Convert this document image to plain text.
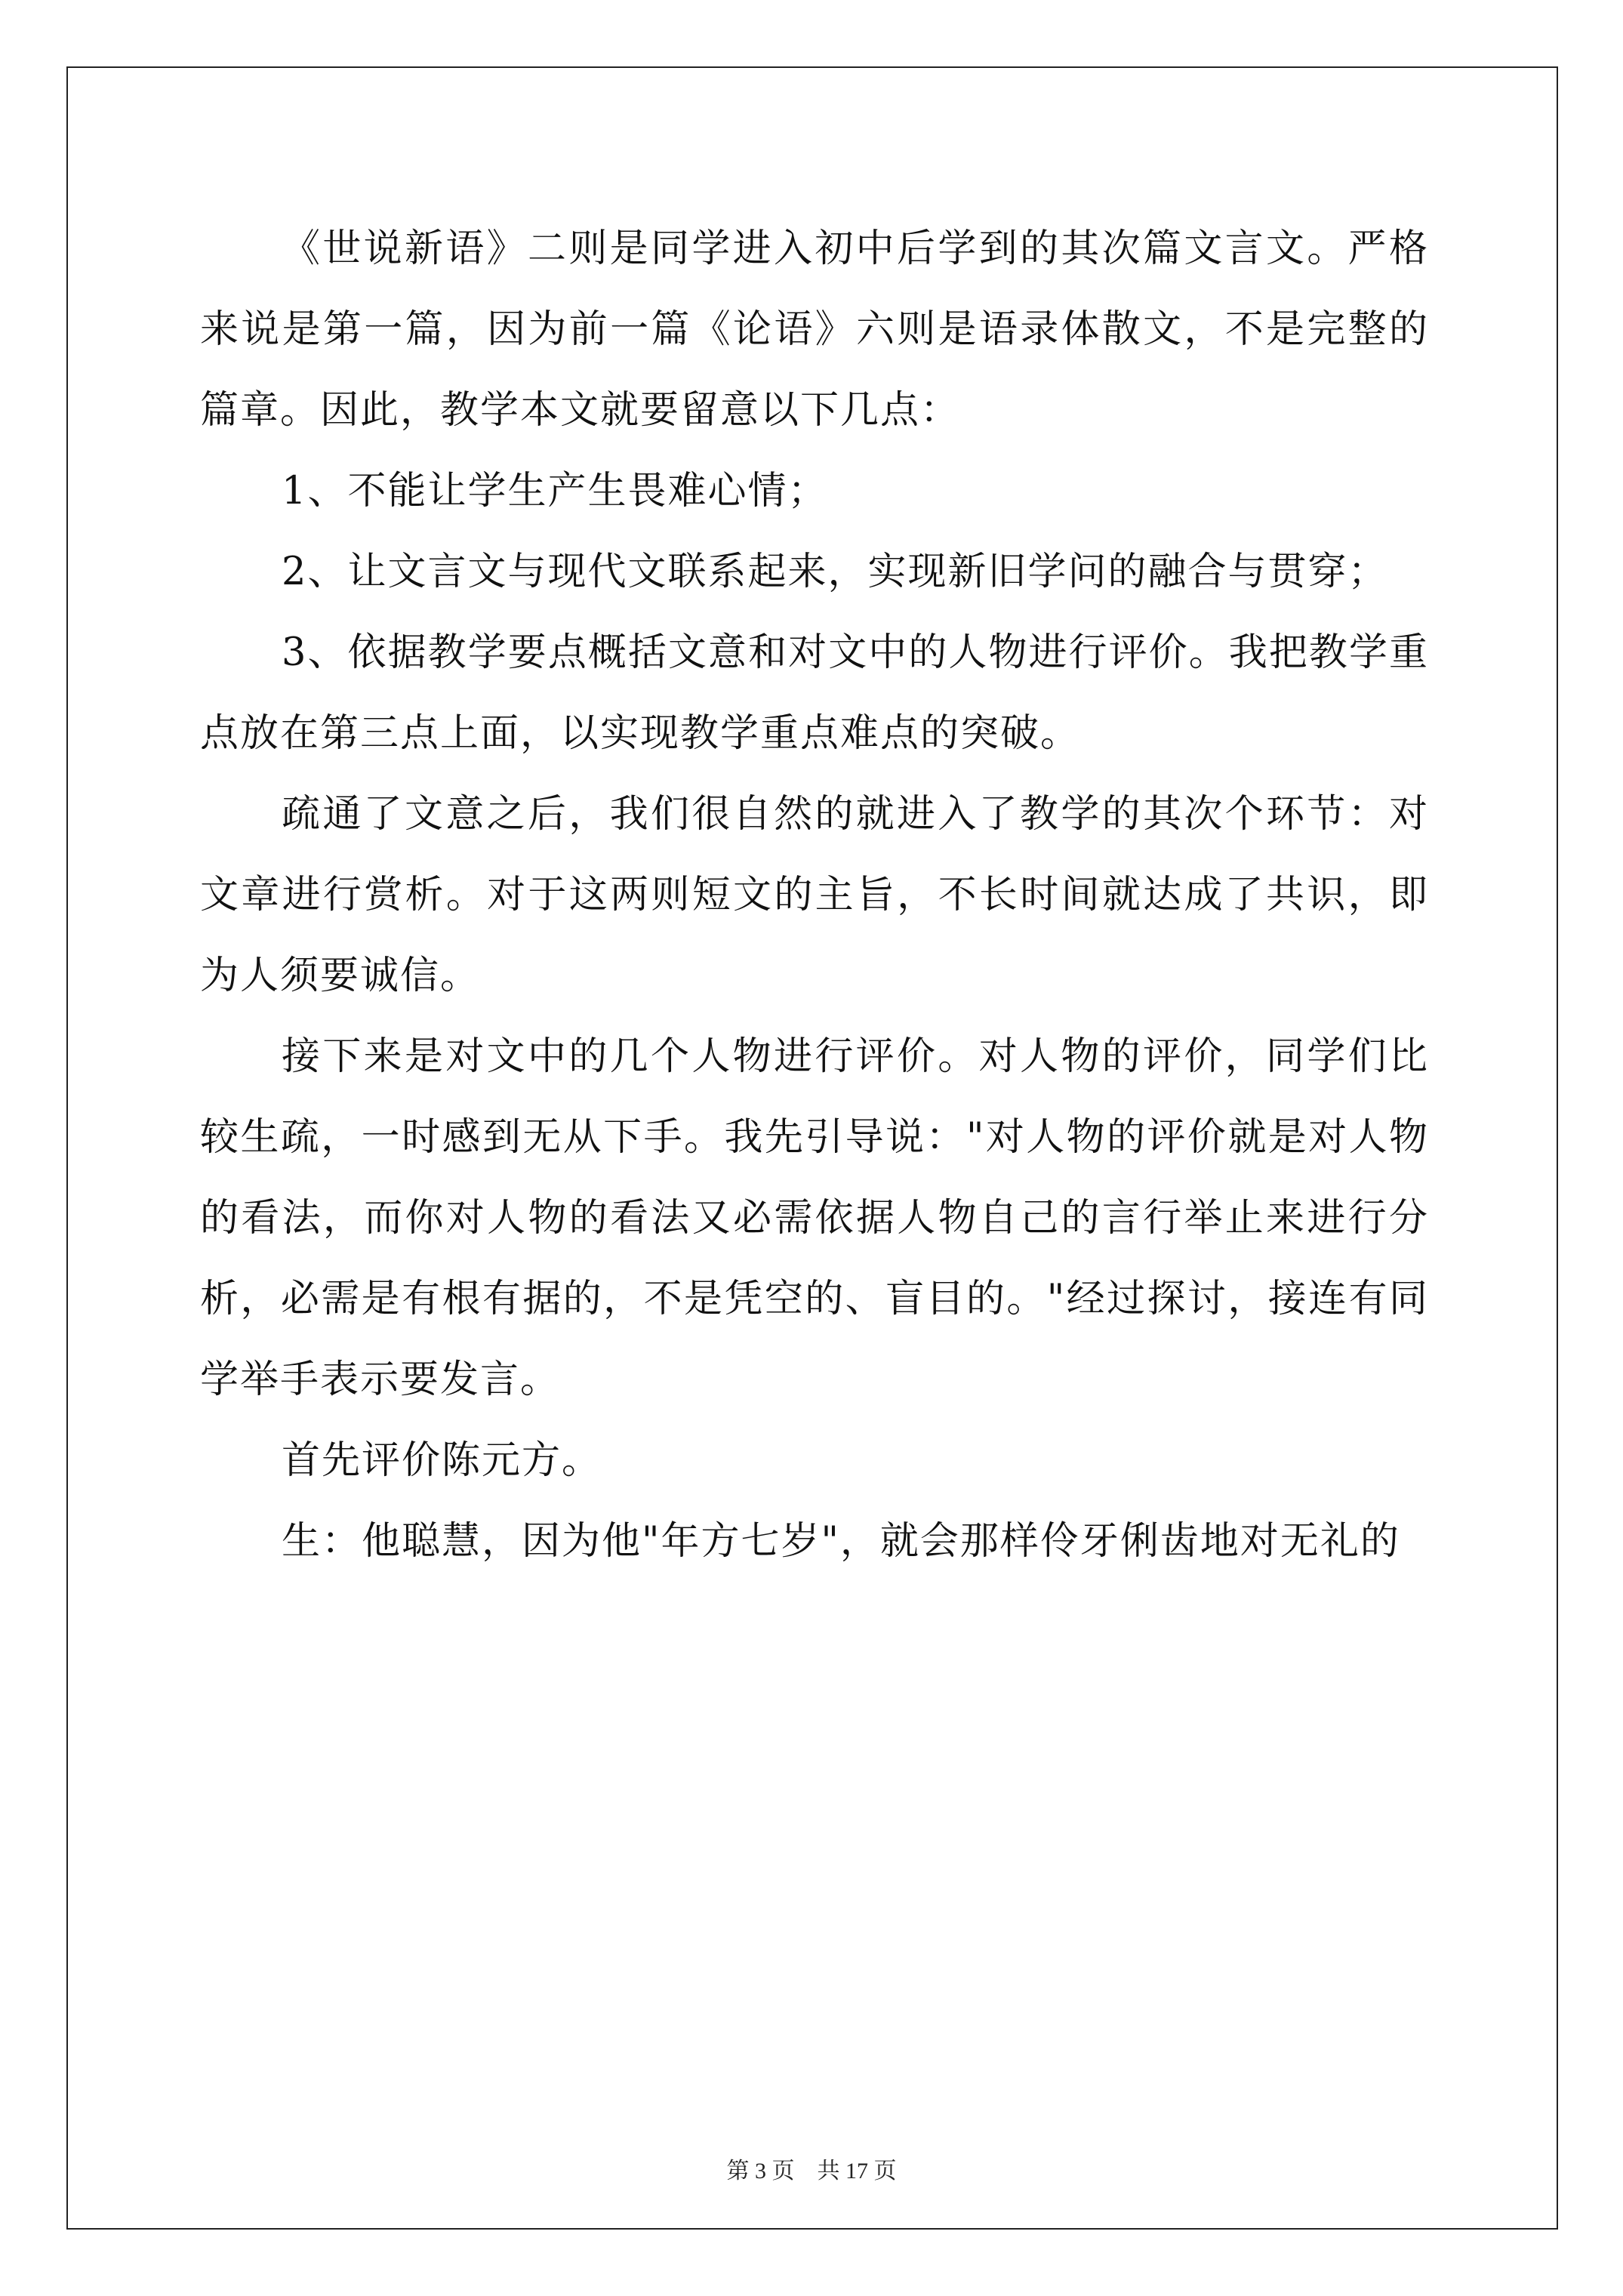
《世说新语》二则是同学进入初中后学到的其次篇文言文。严格来说是第一篇，因为前一篇《论语》六则是语录体散文，不是完整的篇章。因此，教学本文就要留意以下几点：

1、不能让学生产生畏难心情；

2、让文言文与现代文联系起来，实现新旧学问的融合与贯穿；

3、依据教学要点概括文意和对文中的人物进行评价。我把教学重点放在第三点上面，以实现教学重点难点的突破。

疏通了文意之后，我们很自然的就进入了教学的其次个环节：对文章进行赏析。对于这两则短文的主旨，不长时间就达成了共识，即为人须要诚信。

接下来是对文中的几个人物进行评价。对人物的评价，同学们比较生疏，一时感到无从下手。我先引导说："对人物的评价就是对人物的看法，而你对人物的看法又必需依据人物自己的言行举止来进行分析，必需是有根有据的，不是凭空的、盲目的。"经过探讨，接连有同学举手表示要发言。

首先评价陈元方。

生：他聪慧，因为他"年方七岁"，就会那样伶牙俐齿地对无礼的

第 3 页　共 17 页
